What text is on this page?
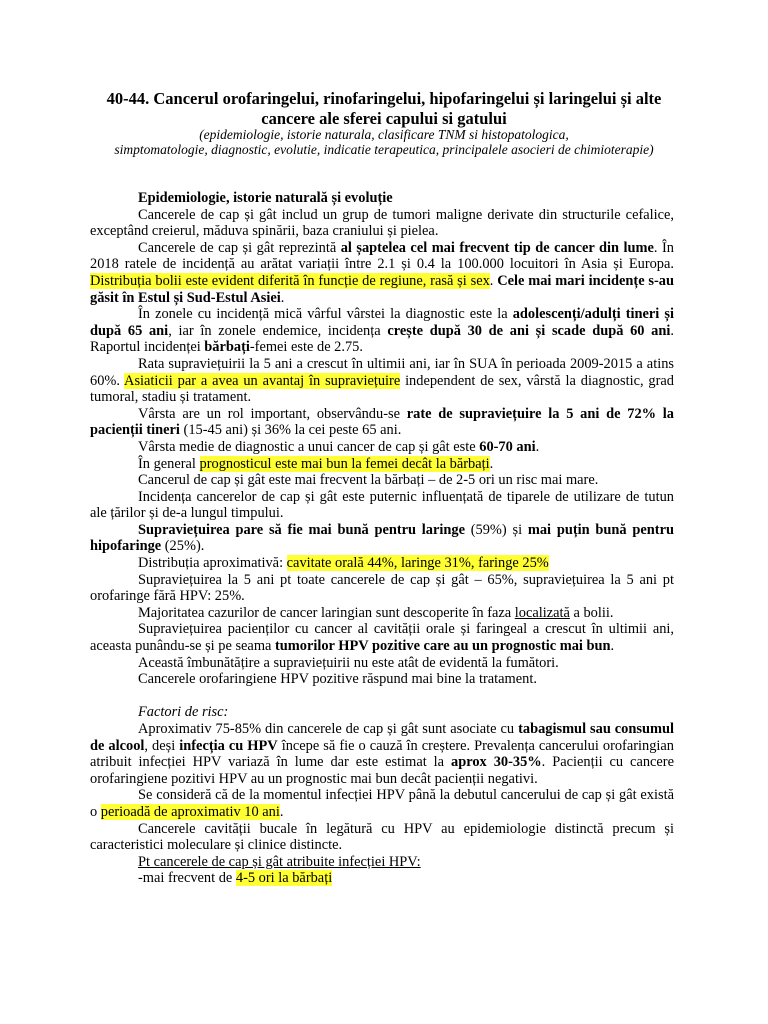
40-44. Cancerul orofaringelui, rinofaringelui, hipofaringelui și laringelui și alte
cancere ale sferei capului si gatului
(epidemiologie, istorie naturala, clasificare TNM si histopatologica,
simptomatologie, diagnostic, evolutie, indicatie terapeutica, principalele asocieri de chimioterapie)

Epidemiologie, istorie naturală și evoluție

Cancerele de cap și gât includ un grup de tumori maligne derivate din structurile cefalice, exceptând creierul, măduva spinării, baza craniului și pielea.

Cancerele de cap și gât reprezintă al șaptelea cel mai frecvent tip de cancer din lume. În 2018 ratele de incidență au arătat variații între 2.1 și 0.4 la 100.000 locuitori în Asia și Europa. Distribuția bolii este evident diferită în funcție de regiune, rasă și sex. Cele mai mari incidențe s-au găsit în Estul și Sud-Estul Asiei.

În zonele cu incidență mică vârful vârstei la diagnostic este la adolescenți/adulți tineri și după 65 ani, iar în zonele endemice, incidența crește după 30 de ani și scade după 60 ani. Raportul incidenței bărbați-femei este de 2.75.

Rata supraviețuirii la 5 ani a crescut în ultimii ani, iar în SUA în perioada 2009-2015 a atins 60%. Asiaticii par a avea un avantaj în supraviețuire independent de sex, vârstă la diagnostic, grad tumoral, stadiu și tratament.

Vârsta are un rol important, observându-se rate de supraviețuire la 5 ani de 72% la pacienții tineri (15-45 ani) și 36% la cei peste 65 ani.

Vârsta medie de diagnostic a unui cancer de cap și gât este 60-70 ani.

În general prognosticul este mai bun la femei decât la bărbați.

Cancerul de cap și gât este mai frecvent la bărbați – de 2-5 ori un risc mai mare.

Incidența cancerelor de cap și gât este puternic influențată de tiparele de utilizare de tutun ale țărilor și de-a lungul timpului.

Supraviețuirea pare să fie mai bună pentru laringe (59%) și mai puțin bună pentru hipofaringe (25%).

Distribuția aproximativă: cavitate orală 44%, laringe 31%, faringe 25%

Supraviețuirea la 5 ani pt toate cancerele de cap și gât – 65%, supraviețuirea la 5 ani pt orofaringe fără HPV: 25%.

Majoritatea cazurilor de cancer laringian sunt descoperite în faza localizată a bolii.

Supraviețuirea pacienților cu cancer al cavității orale și faringeal a crescut în ultimii ani, aceasta punându-se și pe seama tumorilor HPV pozitive care au un prognostic mai bun.

Această îmbunătățire a supraviețuirii nu este atât de evidentă la fumători.

Cancerele orofaringiene HPV pozitive răspund mai bine la tratament.

Factori de risc:

Aproximativ 75-85% din cancerele de cap și gât sunt asociate cu tabagismul sau consumul de alcool, deși infecția cu HPV începe să fie o cauză în creștere. Prevalența cancerului orofaringian atribuit infecției HPV variază în lume dar este estimat la aprox 30-35%. Pacienții cu cancere orofaringiene pozitivi HPV au un prognostic mai bun decât pacienții negativi.

Se consideră că de la momentul infecției HPV până la debutul cancerului de cap și gât există o perioadă de aproximativ 10 ani.

Cancerele cavității bucale în legătură cu HPV au epidemiologie distinctă precum și caracteristici moleculare și clinice distincte.

Pt cancerele de cap și gât atribuite infecției HPV:

-mai frecvent de 4-5 ori la bărbați
